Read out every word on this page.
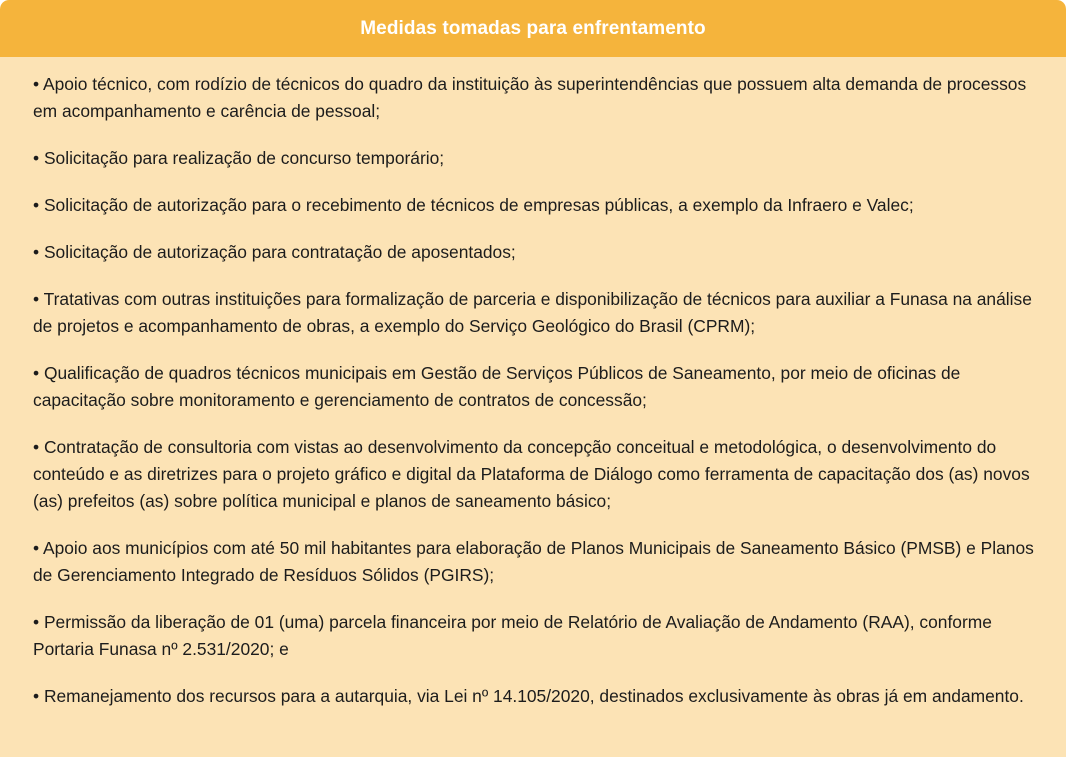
Medidas tomadas para enfrentamento
• Apoio técnico, com rodízio de técnicos do quadro da instituição às superintendências que possuem alta demanda de processos em acompanhamento e carência de pessoal;
• Solicitação para realização de concurso temporário;
• Solicitação de autorização para o recebimento de técnicos de empresas públicas, a exemplo da Infraero e Valec;
• Solicitação de autorização para contratação de aposentados;
• Tratativas com outras instituições para formalização de parceria e disponibilização de técnicos para auxiliar a Funasa na análise de projetos e acompanhamento de obras, a exemplo do Serviço Geológico do Brasil (CPRM);
• Qualificação de quadros técnicos municipais em Gestão de Serviços Públicos de Saneamento, por meio de oficinas de capacitação sobre monitoramento e gerenciamento de contratos de concessão;
• Contratação de consultoria com vistas ao desenvolvimento da concepção conceitual e metodológica, o desenvolvimento do conteúdo e as diretrizes para o projeto gráfico e digital da Plataforma de Diálogo como ferramenta de capacitação dos (as) novos (as) prefeitos (as) sobre política municipal e planos de saneamento básico;
• Apoio aos municípios com até 50 mil habitantes para elaboração de Planos Municipais de Saneamento Básico (PMSB) e Planos de Gerenciamento Integrado de Resíduos Sólidos (PGIRS);
• Permissão da liberação de 01 (uma) parcela financeira por meio de Relatório de Avaliação de Andamento (RAA), conforme Portaria Funasa nº 2.531/2020; e
• Remanejamento dos recursos para a autarquia, via Lei nº 14.105/2020, destinados exclusivamente às obras já em andamento.
